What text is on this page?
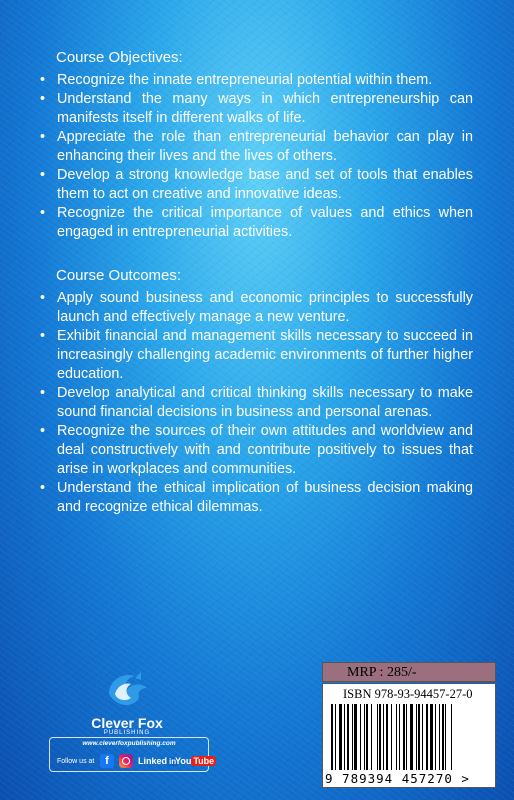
Course Objectives:
• Recognize the innate entrepreneurial potential within them.
• Understand the many ways in which entrepreneurship can manifests itself in different walks of life.
• Appreciate the role than entrepreneurial behavior can play in enhancing their lives and the lives of others.
• Develop a strong knowledge base and set of tools that enables them to act on creative and innovative ideas.
• Recognize the critical importance of values and ethics when engaged in entrepreneurial activities.
Course Outcomes:
• Apply sound business and economic principles to successfully launch and effectively manage a new venture.
• Exhibit financial and management skills necessary to succeed in increasingly challenging academic environments of further higher education.
• Develop analytical and critical thinking skills necessary to make sound financial decisions in business and personal arenas.
• Recognize the sources of their own attitudes and worldview and deal constructively with and contribute positively to issues that arise in workplaces and communities.
• Understand the ethical implication of business decision making and recognize ethical dilemmas.
Clever Fox
PUBLISHING
www.cleverfoxpublishing.com
Follow us at f	Linked in
You Tube
MRP : 285/-
ISBN 978-93-94457-27-0
9 789394 457270 >
